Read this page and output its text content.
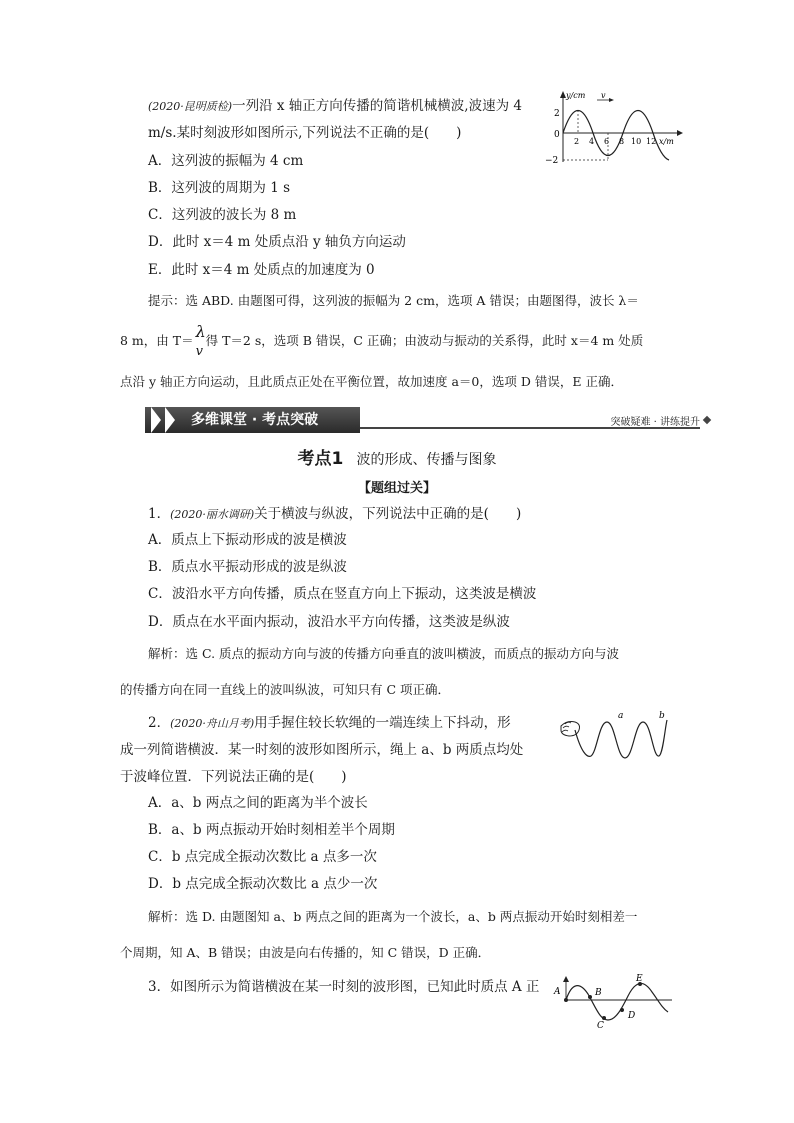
(2020·昆明质检)一列沿 x 轴正方向传播的简谐机械横波,波速为 4
m/s.某时刻波形如图所示,下列说法不正确的是(　　)
A．这列波的振幅为 4 cm
B．这列波的周期为 1 s
C．这列波的波长为 8 m
D．此时 x＝4 m 处质点沿 y 轴负方向运动
E．此时 x＝4 m 处质点的加速度为 0
y/cm v
2
0
−2
2 4 6 8 10 12 x/m
提示：选 ABD. 由题图可得，这列波的振幅为 2 cm，选项 A 错误；由题图得，波长 λ＝
8 m，由 T＝ λ
v
得 T＝2 s，选项 B 错误，C 正确；由波动与振动的关系得，此时 x＝4 m 处质
点沿 y 轴正方向运动，且此质点正处在平衡位置，故加速度 a＝0，选项 D 错误，E 正确．
多维课堂 · 考点突破	突破疑难 · 讲练提升
考点1 波的形成、传播与图象
【题组过关】
1．(2020·丽水调研)关于横波与纵波，下列说法中正确的是(　　)
A．质点上下振动形成的波是横波
B．质点水平振动形成的波是纵波
C．波沿水平方向传播，质点在竖直方向上下振动，这类波是横波
D．质点在水平面内振动，波沿水平方向传播，这类波是纵波
解析：选 C. 质点的振动方向与波的传播方向垂直的波叫横波，而质点的振动方向与波
的传播方向在同一直线上的波叫纵波，可知只有 C 项正确．
2．(2020·舟山月考)用手握住较长软绳的一端连续上下抖动，形
成一列简谐横波．某一时刻的波形如图所示，绳上 a、b 两质点均处
于波峰位置．下列说法正确的是(　　)
a	b
A．a、b 两点之间的距离为半个波长
B．a、b 两点振动开始时刻相差半个周期
C．b 点完成全振动次数比 a 点多一次
D．b 点完成全振动次数比 a 点少一次
解析：选 D. 由题图知 a、b 两点之间的距离为一个波长，a、b 两点振动开始时刻相差一
个周期，知 A、B 错误；由波是向右传播的，知 C 错误，D 正确．
3．如图所示为简谐横波在某一时刻的波形图，已知此时质点 A 正 A	B
C
D
E
